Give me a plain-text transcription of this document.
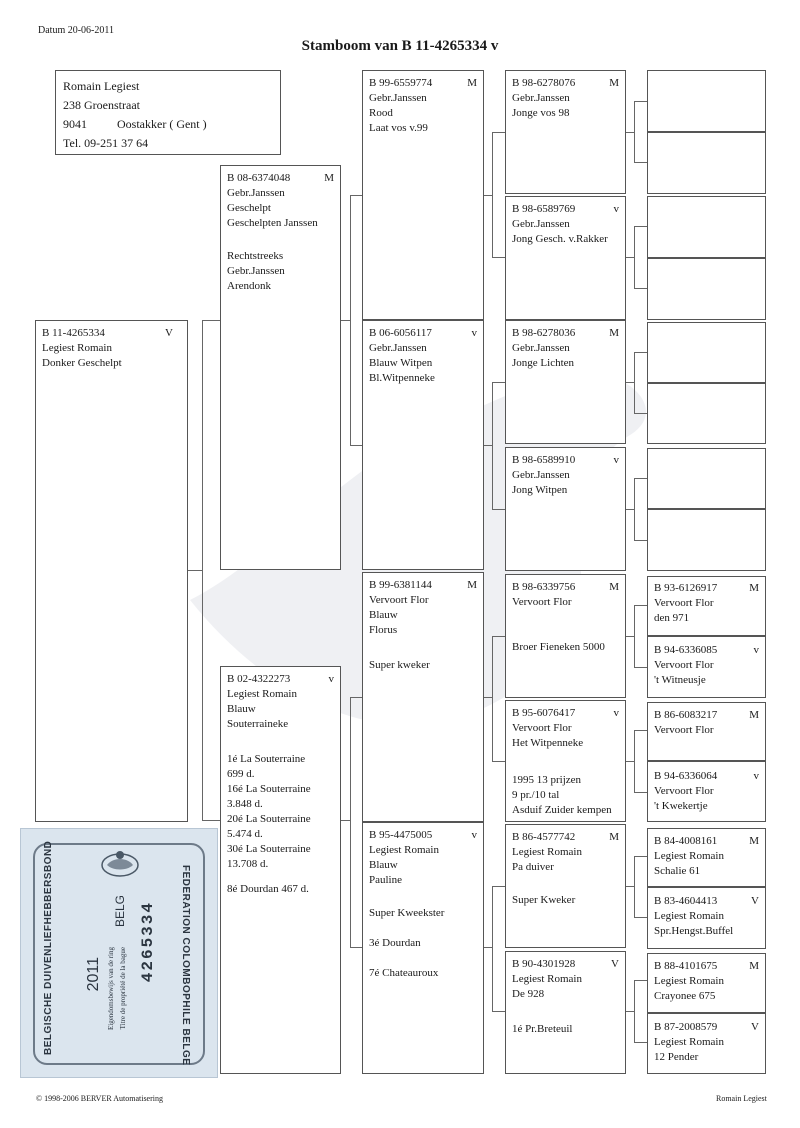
Datum 20-06-2011
Stamboom van B 11-4265334 v
Romain Legiest
238 Groenstraat
9041	Oostakker ( Gent )
Tel. 09-251 37 64
B 11-4265334	V
Legiest Romain
Donker Geschelpt
B 08-6374048	M
Gebr.Janssen
Geschelpt
Geschelpten Janssen
Rechtstreeks
Gebr.Janssen
Arendonk
B 02-4322273	v
Legiest Romain
Blauw
Souterraineke
1é La Souterraine
699 d.
16é La Souterraine
3.848 d.
20é La Souterraine
5.474 d.
30é La Souterraine
13.708 d.
8é Dourdan 467 d.
B 99-6559774	M
Gebr.Janssen
Rood
Laat vos v.99
B 06-6056117	v
Gebr.Janssen
Blauw Witpen
Bl.Witpenneke
B 99-6381144	M
Vervoort Flor
Blauw
Florus
Super kweker
B 95-4475005	v
Legiest Romain
Blauw
Pauline
Super Kweekster
3é Dourdan
7é Chateauroux
B 98-6278076	M
Gebr.Janssen
Jonge vos 98
B 98-6589769	v
Gebr.Janssen
Jong Gesch. v.Rakker
B 98-6278036	M
Gebr.Janssen
Jonge Lichten
B 98-6589910	v
Gebr.Janssen
Jong Witpen
B 98-6339756	M
Vervoort Flor
Broer Fieneken 5000
B 95-6076417	v
Vervoort Flor
Het Witpenneke
1995 13 prijzen
9 pr./10 tal
Asduif Zuider kempen
B 86-4577742	M
Legiest Romain
Pa duiver
Super Kweker
B 90-4301928	V
Legiest Romain
De 928
1é Pr.Breteuil
B 93-6126917	M
Vervoort Flor
den 971
B 94-6336085	v
Vervoort Flor
't Witneusje
B 86-6083217	M
Vervoort Flor
B 94-6336064	v
Vervoort Flor
't Kwekertje
B 84-4008161	M
Legiest Romain
Schalie 61
B 83-4604413	V
Legiest Romain
Spr.Hengst.Buffel
B 88-4101675	M
Legiest Romain
Crayonee 675
B 87-2008579	V
Legiest Romain
12 Pender
BELGISCHE DUIVENLIEFHEBBERSBOND	FEDERATION COLOMBOPHILE BELGE
2011
BELG
Eigendomsbewijs van de ring Titre de propriété de la bague
4265334
© 1998-2006 BERVER Automatisering	Romain Legiest
